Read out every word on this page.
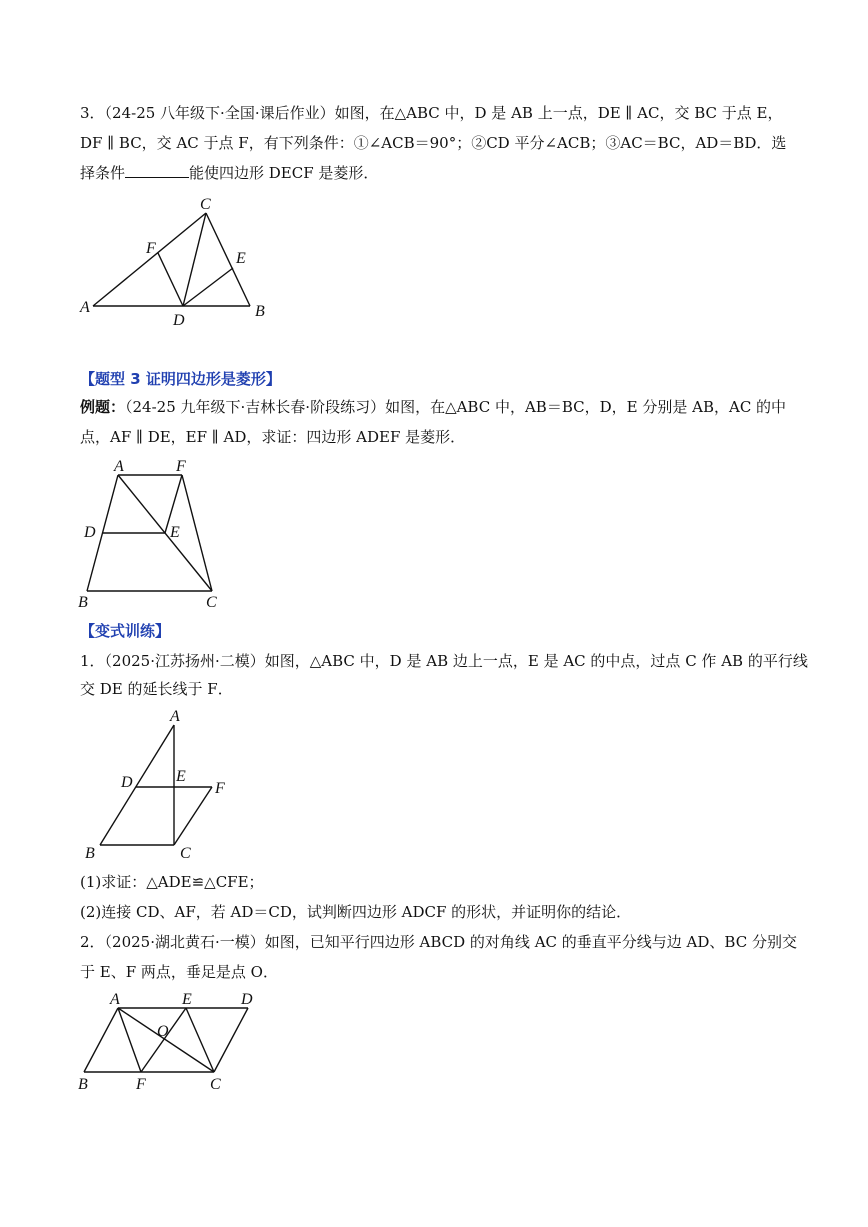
3．（24-25 八年级下·全国·课后作业）如图，在△ABC 中，D 是 AB 上一点，DE ∥ AC，交 BC 于点 E，
DF ∥ BC，交 AC 于点 F，有下列条件：①∠ACB＝90°；②CD 平分∠ACB；③AC＝BC，AD＝BD．选
择条件	能使四边形 DECF 是菱形．
A	B
C
D
E
F
【题型 3 证明四边形是菱形】
例题：（24-25 九年级下·吉林长春·阶段练习）如图，在△ABC 中，AB＝BC，D，E 分别是 AB，AC 的中
点，AF ∥ DE，EF ∥ AD，求证：四边形 ADEF 是菱形．
A	F
D	E
B	C
【变式训练】
1．（2025·江苏扬州·二模）如图，△ABC 中，D 是 AB 边上一点，E 是 AC 的中点，过点 C 作 AB 的平行线
交 DE 的延长线于 F．
A
D	E
F
B	C
(1)求证：△ADE≌△CFE；
(2)连接 CD、AF，若 AD＝CD，试判断四边形 ADCF 的形状，并证明你的结论．
2．（2025·湖北黄石·一模）如图，已知平行四边形 ABCD 的对角线 AC 的垂直平分线与边 AD、BC 分别交
于 E、F 两点，垂足是点 O．
A	E	D
O
B	F	C
